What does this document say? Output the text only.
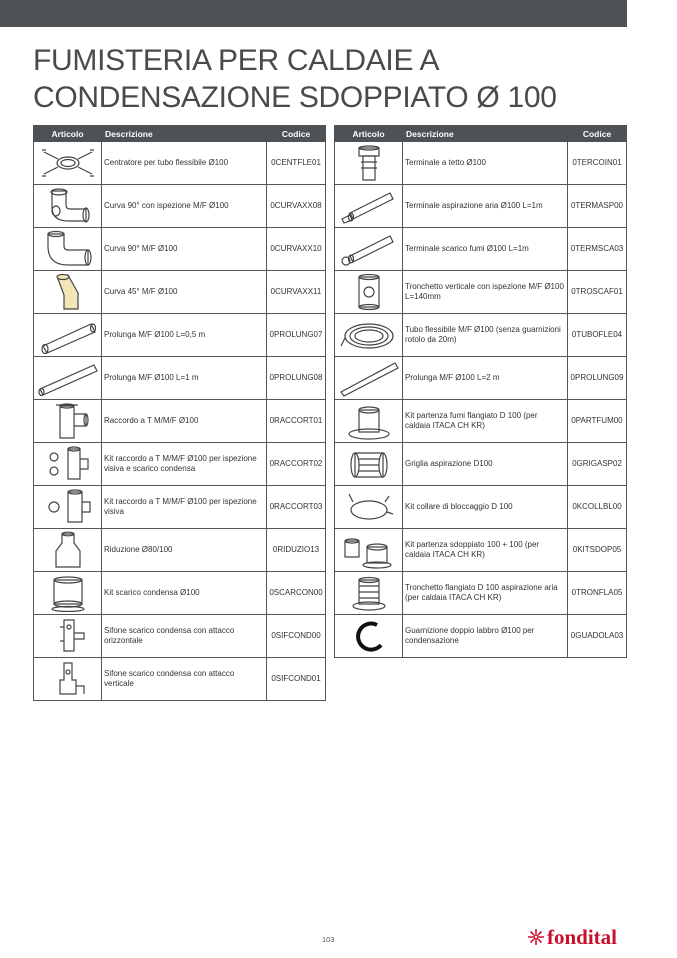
FUMISTERIA PER CALDAIE A
CONDENSAZIONE SDOPPIATO Ø 100
Articolo	Descrizione	Codice

	Centratore per tubo flessibile Ø100	0CENTFLE01

	Curva 90° con ispezione M/F Ø100	0CURVAXX08

	Curva 90° M/F Ø100	0CURVAXX10

	Curva 45° M/F Ø100	0CURVAXX11

	Prolunga M/F Ø100 L=0,5 m	0PROLUNG07

	Prolunga M/F Ø100 L=1 m	0PROLUNG08

	Raccordo a T M/M/F Ø100	0RACCORT01

	Kit raccordo a T M/M/F Ø100 per ispezione visiva e scarico condensa	0RACCORT02

	Kit raccordo a T M/M/F Ø100 per ispezione visiva	0RACCORT03

	Riduzione Ø80/100	0RIDUZIO13

	Kit scarico condensa Ø100	0SCARCON00

	Sifone scarico condensa con attacco orizzontale	0SIFCOND00

	Sifone scarico condensa con attacco verticale	0SIFCOND01
Articolo	Descrizione	Codice

	Terminale a tetto Ø100	0TERCOIN01

	Terminale aspirazione aria Ø100 L=1m	0TERMASP00

	Terminale scarico fumi Ø100 L=1m	0TERMSCA03

	Tronchetto verticale con ispezione M/F Ø100 L=140mm	0TROSCAF01

	Tubo flessibile M/F Ø100 (senza guarnizioni rotolo da 20m)	0TUBOFLE04

	Prolunga M/F Ø100 L=2 m	0PROLUNG09

	Kit partenza fumi flangiato D 100 (per caldaia ITACA CH KR)	0PARTFUM00

	Griglia aspirazione D100	0GRIGASP02

	Kit collare di bloccaggio D 100	0KCOLLBL00

	Kit partenza sdoppiato 100 + 100 (per caldaia ITACA CH KR)	0KITSDOP05

	Tronchetto flangiato D 100 aspirazione aria (per caldaia ITACA CH KR)	0TRONFLA05

	Guarnizione doppio labbro Ø100 per condensazione	0GUADOLA03
103	fondital
